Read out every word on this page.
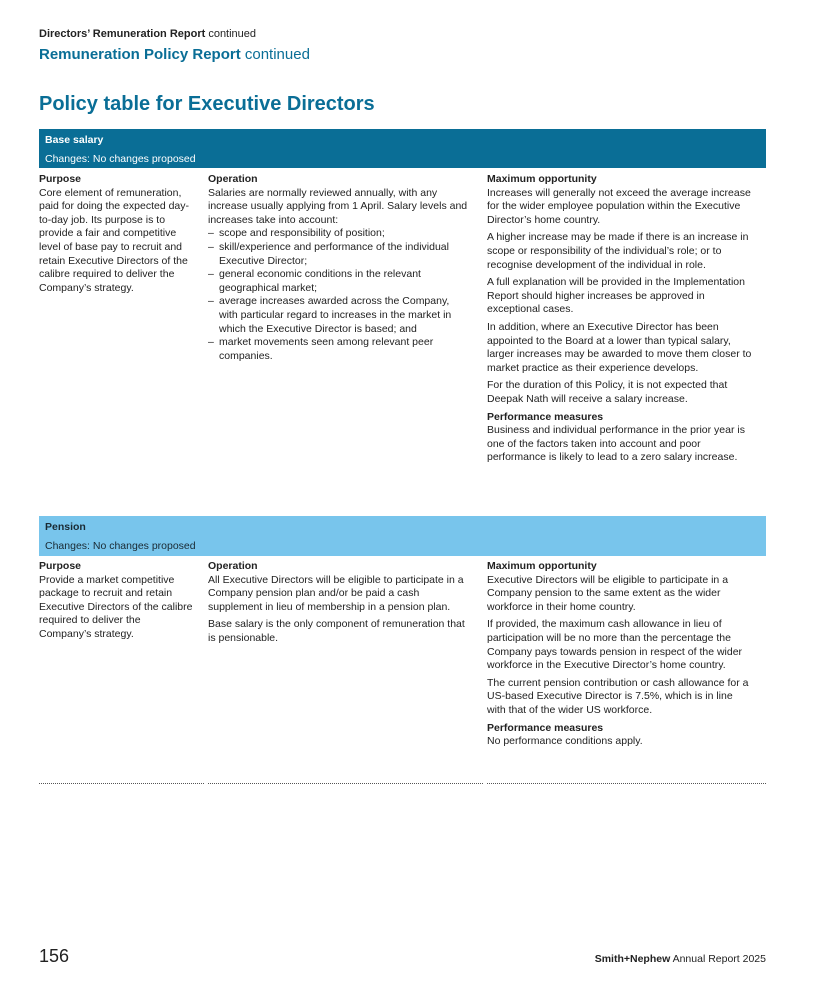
Directors’ Remuneration Report continued
Remuneration Policy Report continued
Policy table for Executive Directors
Base salary
Changes: No changes proposed
Purpose
Core element of remuneration, paid for doing the expected day-to-day job. Its purpose is to provide a fair and competitive level of base pay to recruit and retain Executive Directors of the calibre required to deliver the Company’s strategy.
Operation
Salaries are normally reviewed annually, with any increase usually applying from 1 April. Salary levels and increases take into account:
– scope and responsibility of position;
– skill/experience and performance of the individual Executive Director;
– general economic conditions in the relevant geographical market;
– average increases awarded across the Company, with particular regard to increases in the market in which the Executive Director is based; and
– market movements seen among relevant peer companies.
Maximum opportunity

Increases will generally not exceed the average increase for the wider employee population within the Executive Director’s home country.

A higher increase may be made if there is an increase in scope or responsibility of the individual’s role; or to recognise development of the individual in role.

A full explanation will be provided in the Implementation Report should higher increases be approved in exceptional cases.

In addition, where an Executive Director has been appointed to the Board at a lower than typical salary, larger increases may be awarded to move them closer to market practice as their experience develops.

For the duration of this Policy, it is not expected that Deepak Nath will receive a salary increase.

Performance measures
Business and individual performance in the prior year is one of the factors taken into account and poor performance is likely to lead to a zero salary increase.
Pension
Changes: No changes proposed
Purpose
Provide a market competitive package to recruit and retain Executive Directors of the calibre required to deliver the Company’s strategy.
Operation

All Executive Directors will be eligible to participate in a Company pension plan and/or be paid a cash supplement in lieu of membership in a pension plan.

Base salary is the only component of remuneration that is pensionable.

Maximum opportunity

Executive Directors will be eligible to participate in a Company pension to the same extent as the wider workforce in their home country.

If provided, the maximum cash allowance in lieu of participation will be no more than the percentage the Company pays towards pension in respect of the wider workforce in the Executive Director’s home country.

The current pension contribution or cash allowance for a US-based Executive Director is 7.5%, which is in line with that of the wider US workforce.

Performance measures
No performance conditions apply.
156	Smith+Nephew Annual Report 2025
